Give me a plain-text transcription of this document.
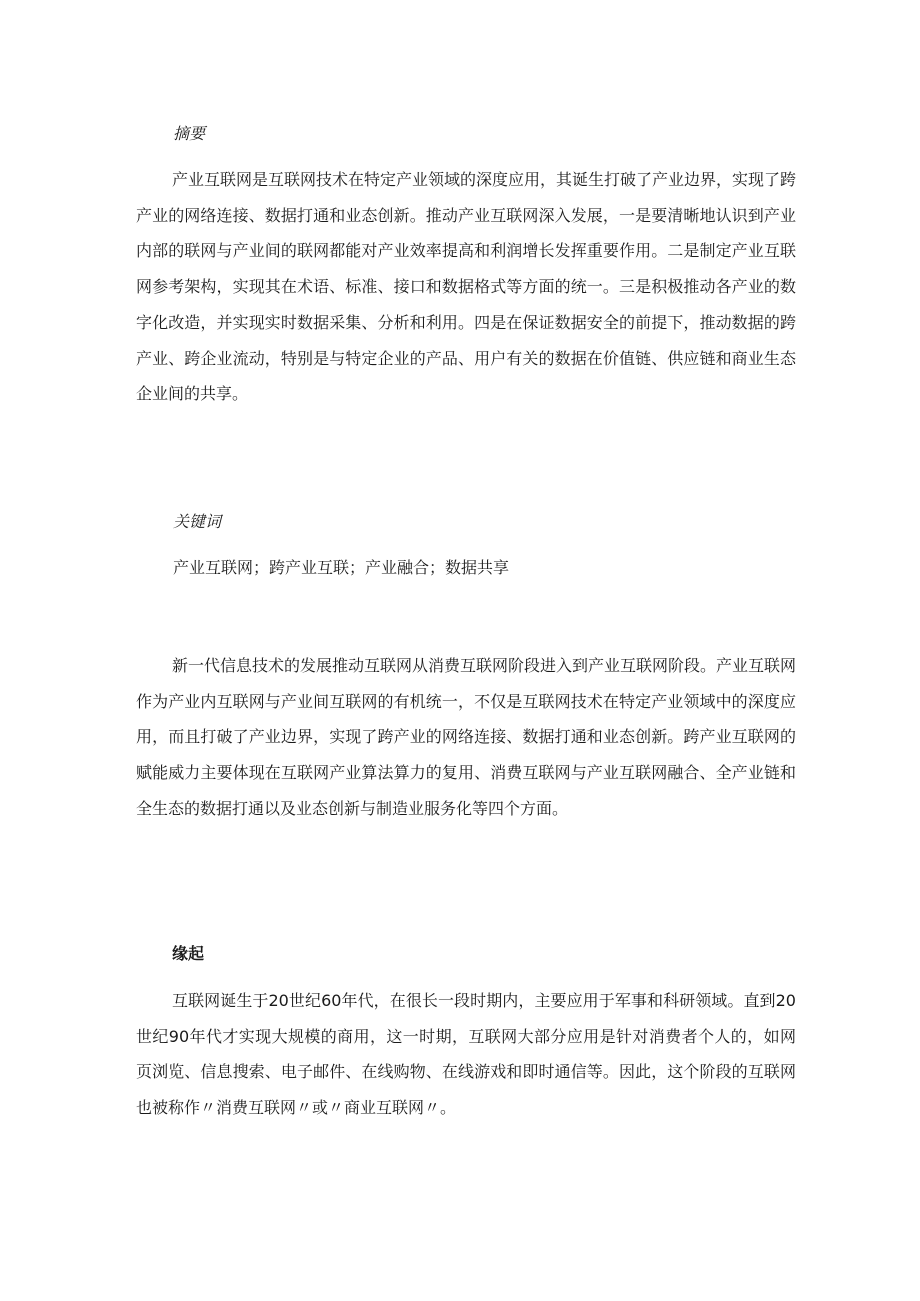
摘要

产业互联网是互联网技术在特定产业领域的深度应用，其诞生打破了产业边界，实现了跨产业的网络连接、数据打通和业态创新。推动产业互联网深入发展，一是要清晰地认识到产业内部的联网与产业间的联网都能对产业效率提高和利润增长发挥重要作用。二是制定产业互联网参考架构，实现其在术语、标准、接口和数据格式等方面的统一。三是积极推动各产业的数字化改造，并实现实时数据采集、分析和利用。四是在保证数据安全的前提下，推动数据的跨产业、跨企业流动，特别是与特定企业的产品、用户有关的数据在价值链、供应链和商业生态企业间的共享。

关键词

产业互联网；跨产业互联；产业融合；数据共享

新一代信息技术的发展推动互联网从消费互联网阶段进入到产业互联网阶段。产业互联网作为产业内互联网与产业间互联网的有机统一，不仅是互联网技术在特定产业领域中的深度应用，而且打破了产业边界，实现了跨产业的网络连接、数据打通和业态创新。跨产业互联网的赋能威力主要体现在互联网产业算法算力的复用、消费互联网与产业互联网融合、全产业链和全生态的数据打通以及业态创新与制造业服务化等四个方面。

缘起

互联网诞生于20世纪60年代，在很长一段时期内，主要应用于军事和科研领域。直到20世纪90年代才实现大规模的商用，这一时期，互联网大部分应用是针对消费者个人的，如网页浏览、信息搜索、电子邮件、在线购物、在线游戏和即时通信等。因此，这个阶段的互联网也被称作〃消费互联网〃或〃商业互联网〃。
